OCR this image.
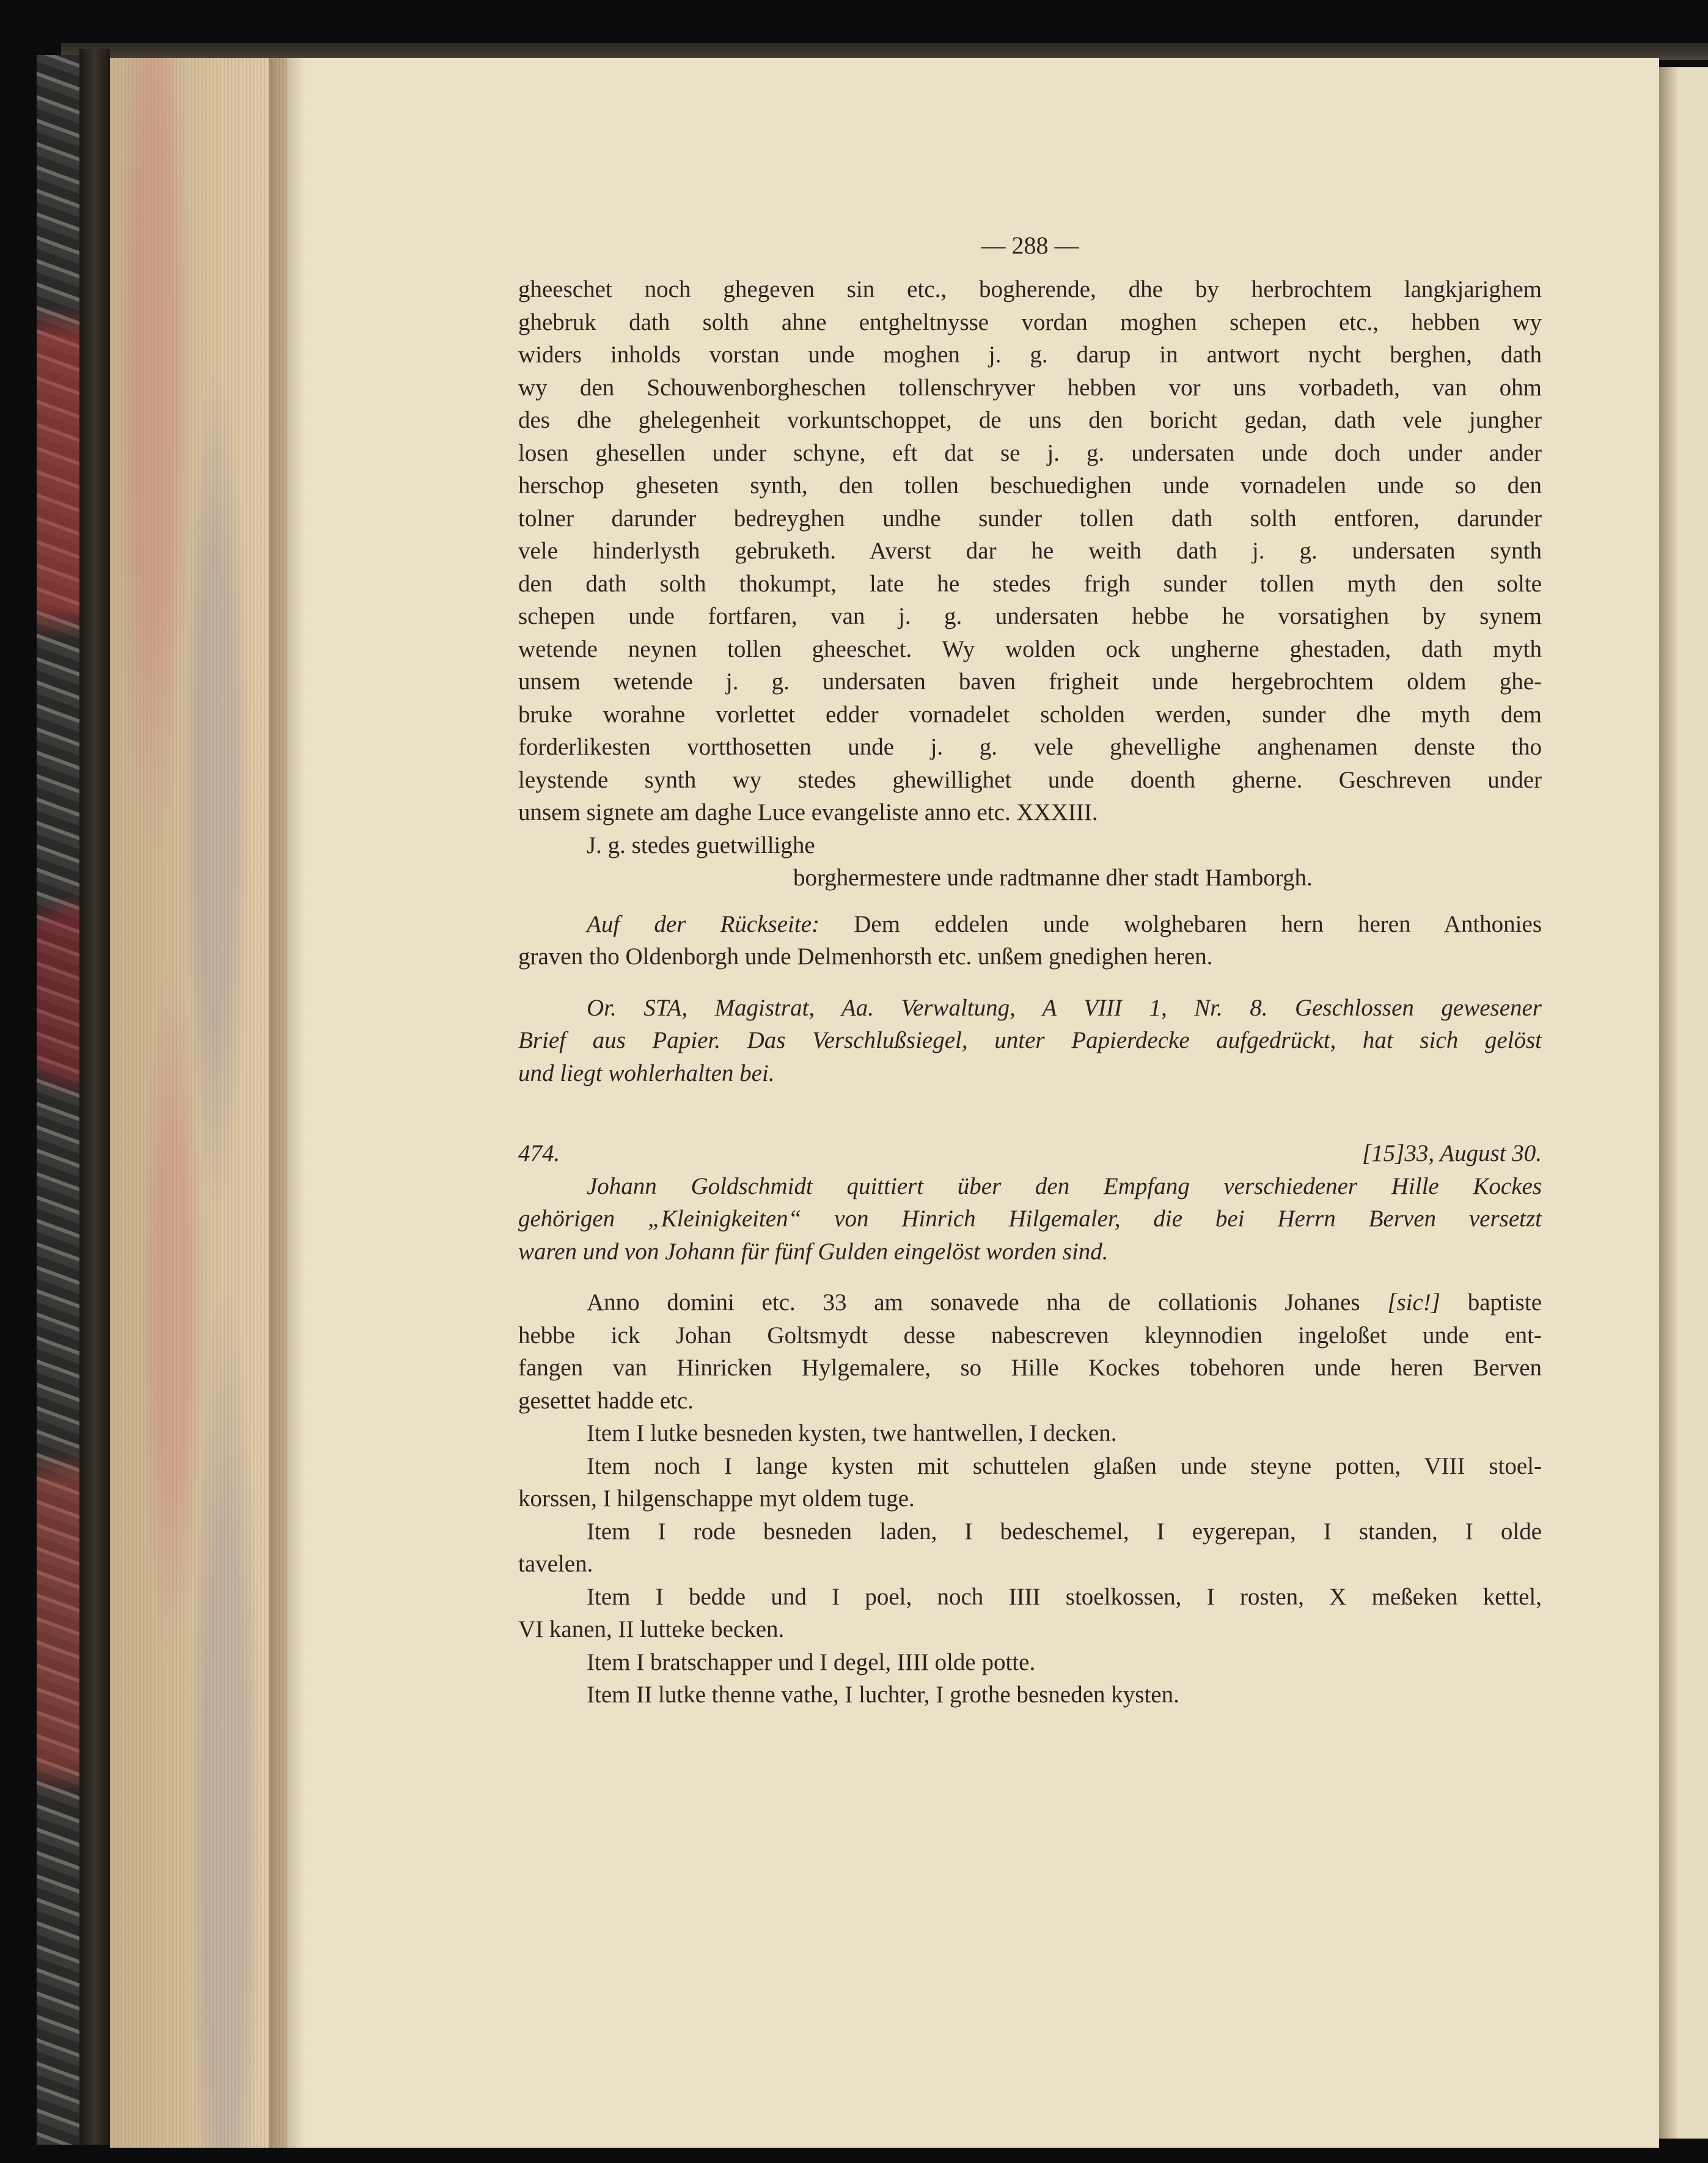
— 288 —
gheeschet noch ghegeven sin etc., bogherende, dhe by herbrochtem langkjarighem
ghebruk dath solth ahne entgheltnysse vordan moghen schepen etc., hebben wy
widers inholds vorstan unde moghen j. g. darup in antwort nycht berghen, dath
wy den Schouwenborgheschen tollenschryver hebben vor uns vorbadeth, van ohm
des dhe ghelegenheit vorkuntschoppet, de uns den boricht gedan, dath vele jungher
losen ghesellen under schyne, eft dat se j. g. undersaten unde doch under ander
herschop gheseten synth, den tollen beschuedighen unde vornadelen unde so den
tolner darunder bedreyghen undhe sunder tollen dath solth entforen, darunder
vele hinderlysth gebruketh. Averst dar he weith dath j. g. undersaten synth
den dath solth thokumpt, late he stedes frigh sunder tollen myth den solte
schepen unde fortfaren, van j. g. undersaten hebbe he vorsatighen by synem
wetende neynen tollen gheeschet. Wy wolden ock ungherne ghestaden, dath myth
unsem wetende j. g. undersaten baven frigheit unde hergebrochtem oldem ghe-
bruke worahne vorlettet edder vornadelet scholden werden, sunder dhe myth dem
forderlikesten vortthosetten unde j. g. vele ghevellighe anghenamen denste tho
leystende synth wy stedes ghewillighet unde doenth gherne. Geschreven under
unsem signete am daghe Luce evangeliste anno etc. XXXIII.
J. g. stedes guetwillighe
borghermestere unde radtmanne dher stadt Hamborgh.
Auf der Rückseite: Dem eddelen unde wolghebaren hern heren Anthonies
graven tho Oldenborgh unde Delmenhorsth etc. unßem gnedighen heren.
Or. STA, Magistrat, Aa. Verwaltung, A VIII 1, Nr. 8. Geschlossen gewesener
Brief aus Papier. Das Verschlußsiegel, unter Papierdecke aufgedrückt, hat sich gelöst
und liegt wohlerhalten bei.
474.	[15]33, August 30.
Johann Goldschmidt quittiert über den Empfang verschiedener Hille Kockes
gehörigen „Kleinigkeiten“ von Hinrich Hilgemaler, die bei Herrn Berven versetzt
waren und von Johann für fünf Gulden eingelöst worden sind.
Anno domini etc. 33 am sonavede nha de collationis Johanes [sic!] baptiste
hebbe ick Johan Goltsmydt desse nabescreven kleynnodien ingeloßet unde ent-
fangen van Hinricken Hylgemalere, so Hille Kockes tobehoren unde heren Berven
gesettet hadde etc.
Item I lutke besneden kysten, twe hantwellen, I decken.
Item noch I lange kysten mit schuttelen glaßen unde steyne potten, VIII stoel-
korssen, I hilgenschappe myt oldem tuge.
Item I rode besneden laden, I bedeschemel, I eygerepan, I standen, I olde
tavelen.
Item I bedde und I poel, noch IIII stoelkossen, I rosten, X meßeken kettel,
VI kanen, II lutteke becken.
Item I bratschapper und I degel, IIII olde potte.
Item II lutke thenne vathe, I luchter, I grothe besneden kysten.
